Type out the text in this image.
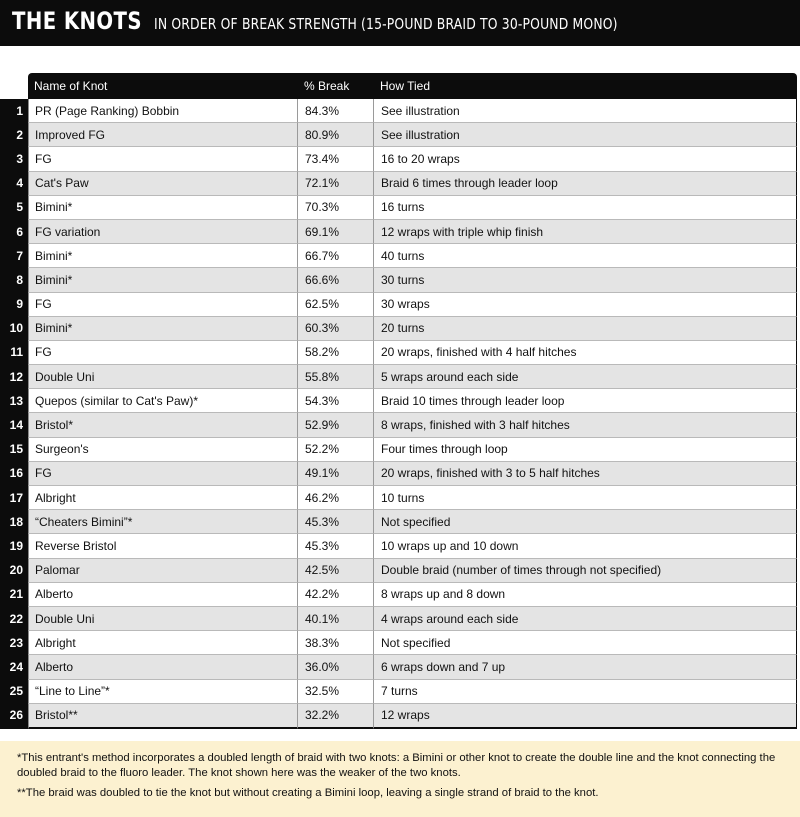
THE KNOTS IN ORDER OF BREAK STRENGTH (15-POUND BRAID TO 30-POUND MONO)
	Name of Knot	% Break	How Tied
1	PR (Page Ranking) Bobbin	84.3%	See illustration
2	Improved FG	80.9%	See illustration
3	FG	73.4%	16 to 20 wraps
4	Cat's Paw	72.1%	Braid 6 times through leader loop
5	Bimini*	70.3%	16 turns
6	FG variation	69.1%	12 wraps with triple whip finish
7	Bimini*	66.7%	40 turns
8	Bimini*	66.6%	30 turns
9	FG	62.5%	30 wraps
10	Bimini*	60.3%	20 turns
11	FG	58.2%	20 wraps, finished with 4 half hitches
12	Double Uni	55.8%	5 wraps around each side
13	Quepos (similar to Cat's Paw)*	54.3%	Braid 10 times through leader loop
14	Bristol*	52.9%	8 wraps, finished with 3 half hitches
15	Surgeon's	52.2%	Four times through loop
16	FG	49.1%	20 wraps, finished with 3 to 5 half hitches
17	Albright	46.2%	10 turns
18	“Cheaters Bimini”*	45.3%	Not specified
19	Reverse Bristol	45.3%	10 wraps up and 10 down
20	Palomar	42.5%	Double braid (number of times through not specified)
21	Alberto	42.2%	8 wraps up and 8 down
22	Double Uni	40.1%	4 wraps around each side
23	Albright	38.3%	Not specified
24	Alberto	36.0%	6 wraps down and 7 up
25	“Line to Line”*	32.5%	7 turns
26	Bristol**	32.2%	12 wraps

*This entrant's method incorporates a doubled length of braid with two knots: a Bimini or other knot to create the double line and the knot connecting the doubled braid to the fluoro leader. The knot shown here was the weaker of the two knots.

**The braid was doubled to tie the knot but without creating a Bimini loop, leaving a single strand of braid to the knot.
